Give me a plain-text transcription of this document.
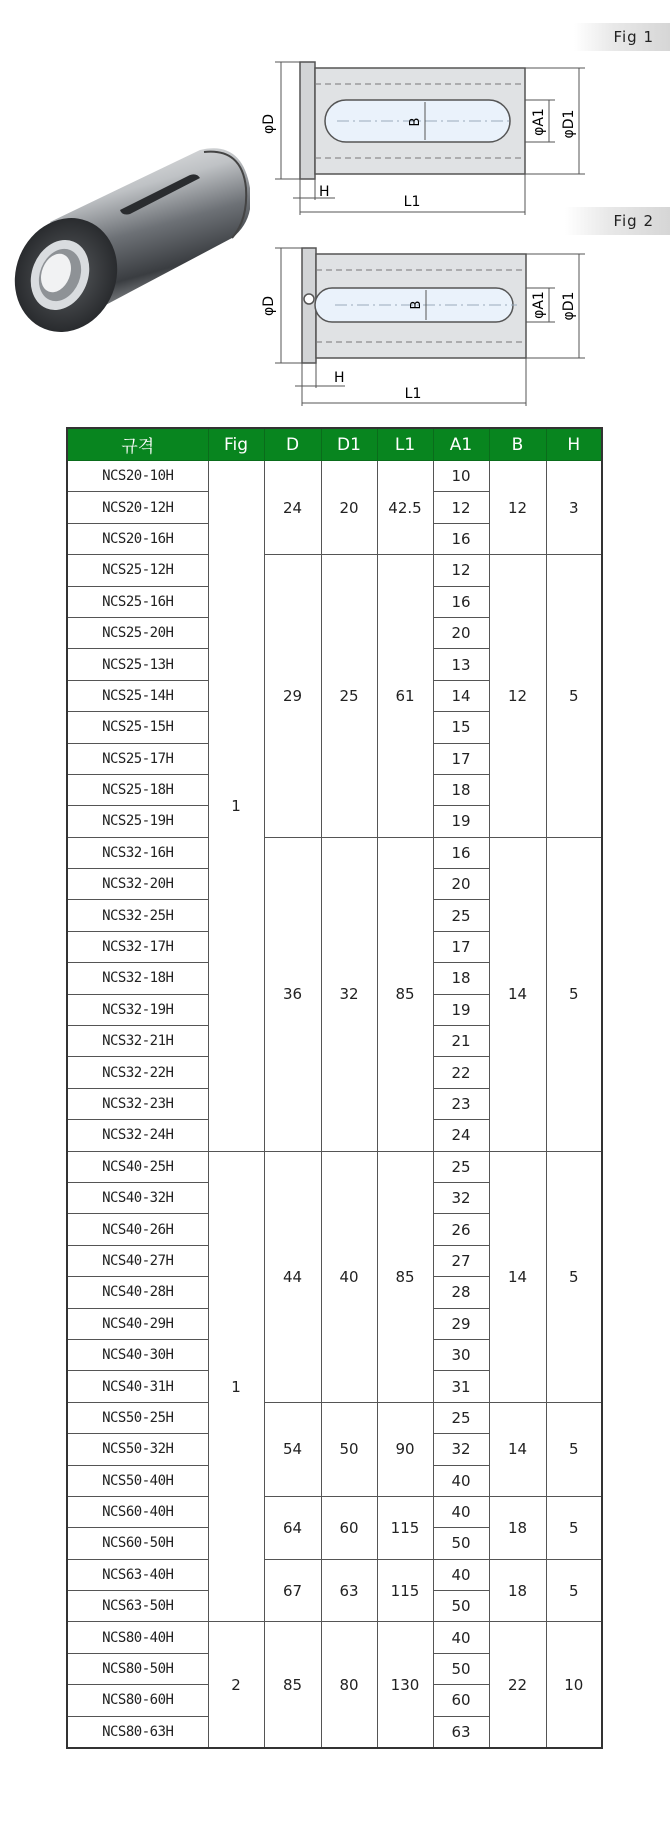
Fig 1
Fig 2
φD	φD1
φA1
B
H
L1
φD	φD1
φA1
B
H
L1
규격	Fig	D	D1	L1	A1	B	H
NCS20-10H	1	24	20	42.5	10	12	3
NCS20-12H					12		
NCS20-16H					16		
NCS25-12H		29	25	61	12	12	5
NCS25-16H					16		
NCS25-20H					20		
NCS25-13H					13		
NCS25-14H					14		
NCS25-15H					15		
NCS25-17H					17		
NCS25-18H					18		
NCS25-19H					19		
NCS32-16H		36	32	85	16	14	5
NCS32-20H					20		
NCS32-25H					25		
NCS32-17H					17		
NCS32-18H					18		
NCS32-19H					19		
NCS32-21H					21		
NCS32-22H					22		
NCS32-23H					23		
NCS32-24H					24		
NCS40-25H	1	44	40	85	25	14	5
NCS40-32H					32		
NCS40-26H					26		
NCS40-27H					27		
NCS40-28H					28		
NCS40-29H					29		
NCS40-30H					30		
NCS40-31H					31		
NCS50-25H		54	50	90	25	14	5
NCS50-32H					32		
NCS50-40H					40		
NCS60-40H		64	60	115	40	18	5
NCS60-50H					50		
NCS63-40H		67	63	115	40	18	5
NCS63-50H					50		
NCS80-40H	2	85	80	130	40	22	10
NCS80-50H					50		
NCS80-60H					60		
NCS80-63H					63		
